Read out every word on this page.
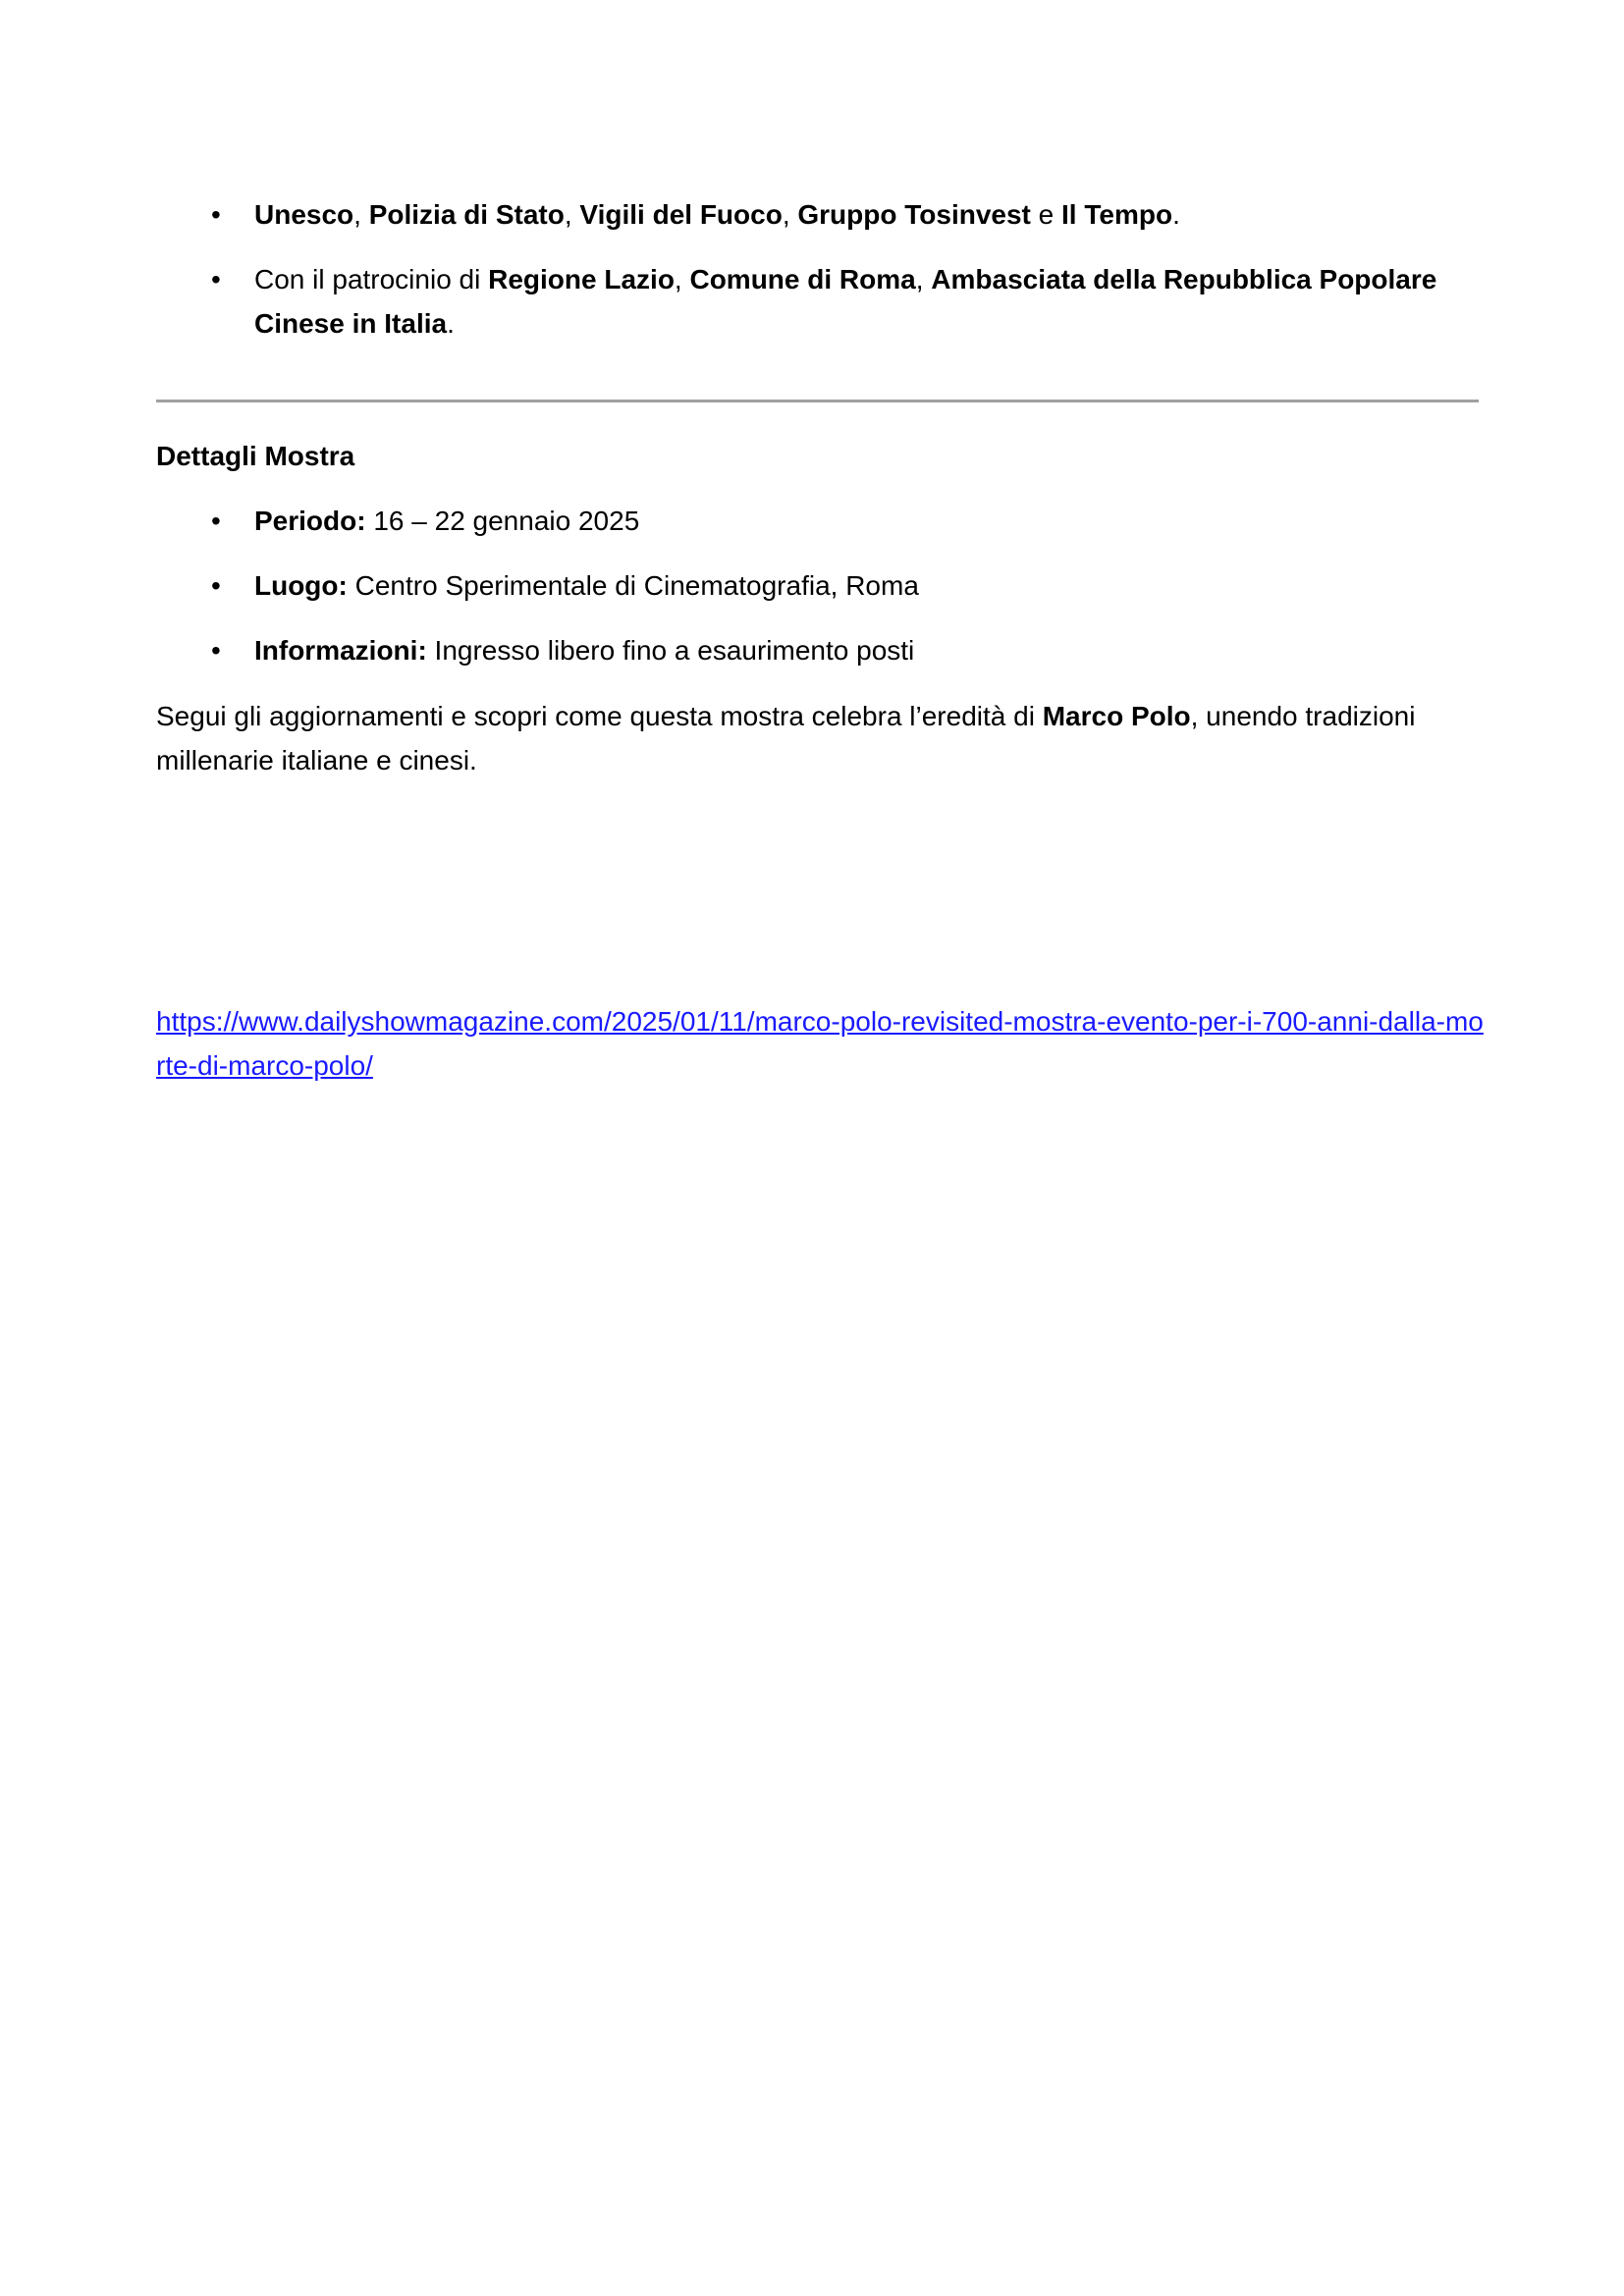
• Unesco, Polizia di Stato, Vigili del Fuoco, Gruppo Tosinvest e Il Tempo.
• Con il patrocinio di Regione Lazio, Comune di Roma, Ambasciata della Repubblica Popolare Cinese in Italia.
Dettagli Mostra
• Periodo: 16 – 22 gennaio 2025
• Luogo: Centro Sperimentale di Cinematografia, Roma
• Informazioni: Ingresso libero fino a esaurimento posti

Segui gli aggiornamenti e scopri come questa mostra celebra l’eredità di Marco Polo, unendo tradizioni millenarie italiane e cinesi.

https://www.dailyshowmagazine.com/2025/01/11/marco-polo-revisited-mostra-evento-per-i-700-anni-dalla-morte-di-marco-polo/
